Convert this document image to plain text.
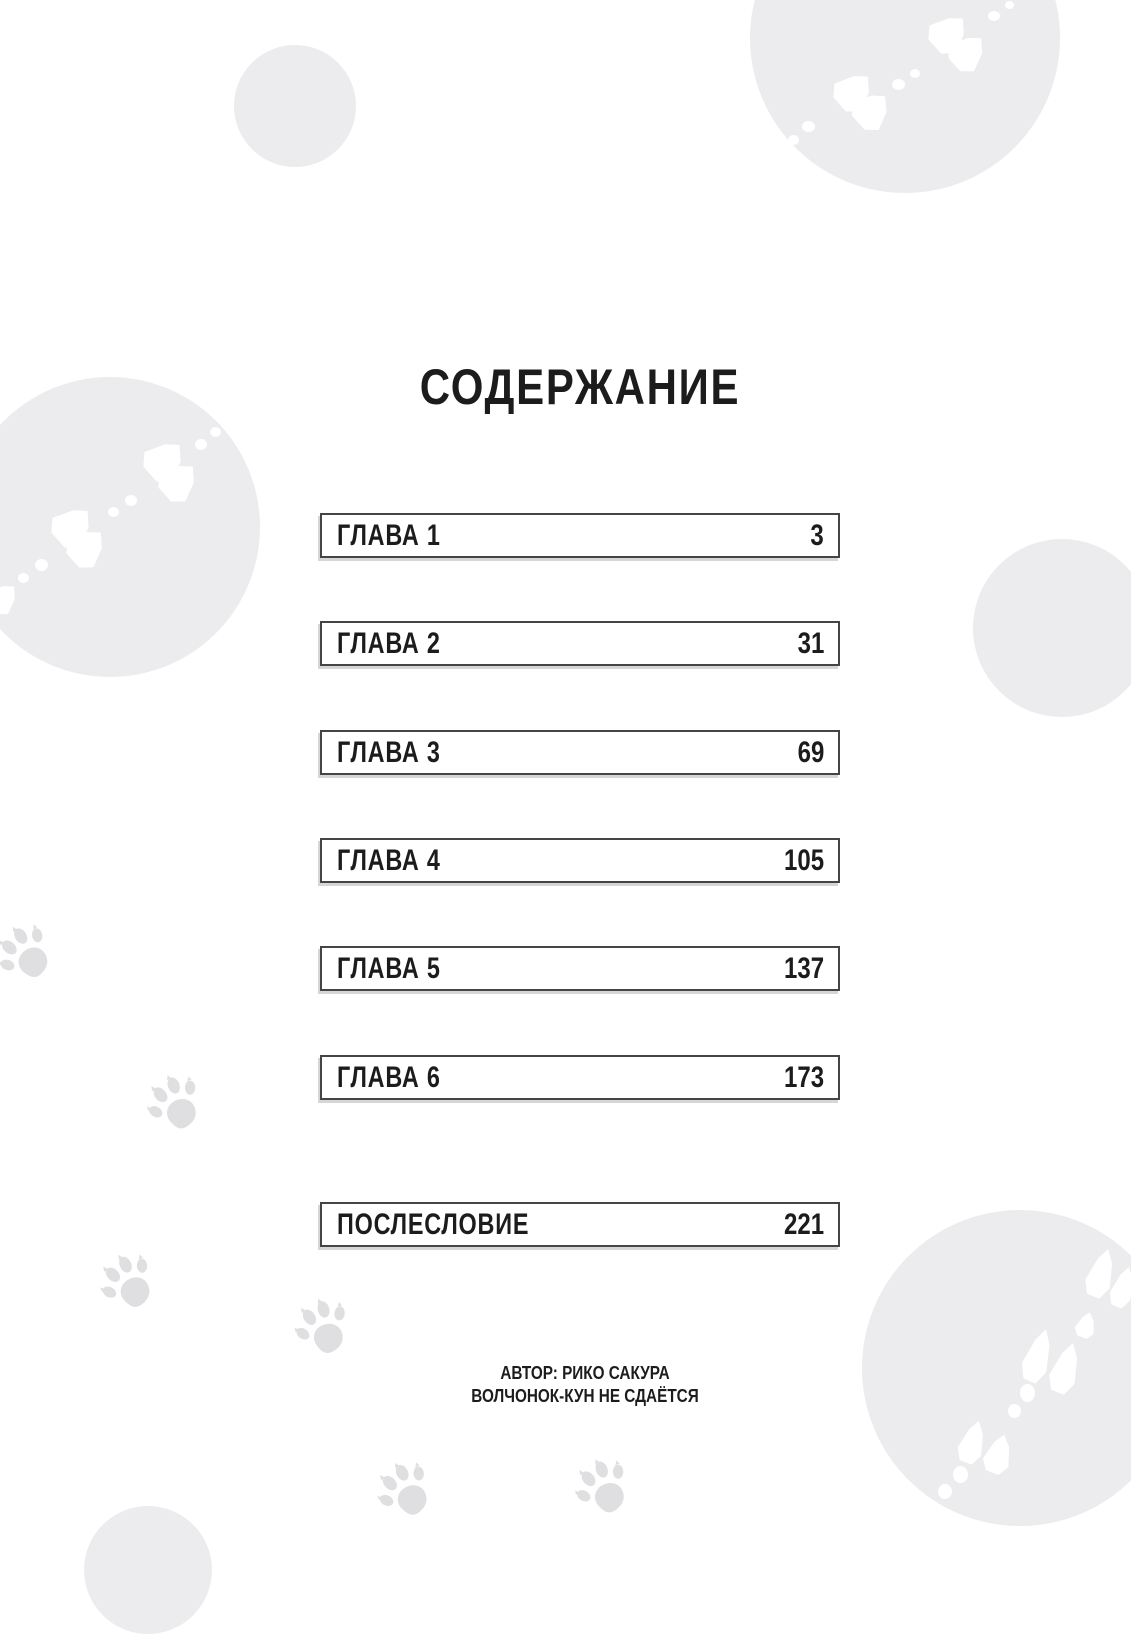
СОДЕРЖАНИЕ
ГЛАВА 1	3
ГЛАВА 2	31
ГЛАВА 3	69
ГЛАВА 4	105
ГЛАВА 5	137
ГЛАВА 6	173
ПОСЛЕСЛОВИЕ	221
АВТОР: РИКО САКУРА
ВОЛЧОНОК-КУН НЕ СДАЁТСЯ
